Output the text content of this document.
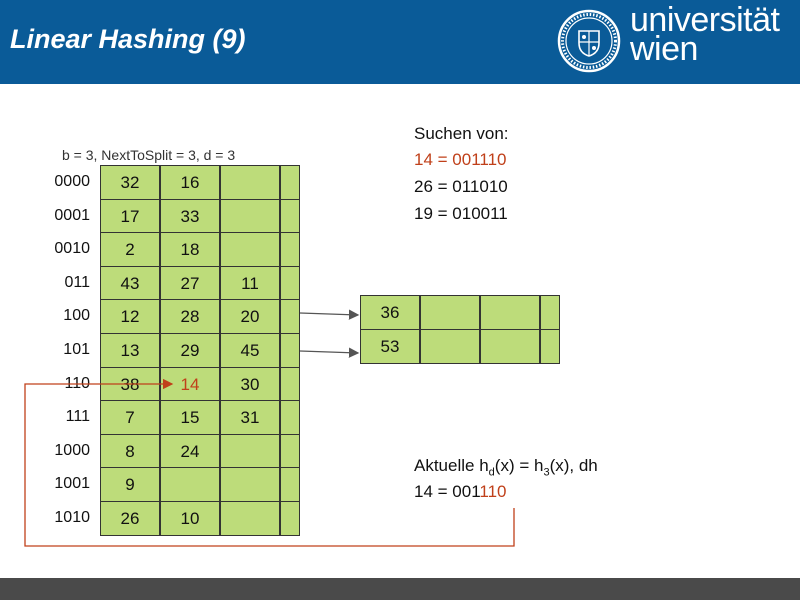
Linear Hashing (9)	universität
wien
b = 3, NextToSplit = 3, d = 3
0000	32	16
0001	17	33
0010	2	18
011	43	27	11
100	12	28	20	36
101	13	29	45	53
110	38	14	30
111	7	15	31
1000	8	24
1001	9
1010	26	10
Suchen von:
14 = 001110
26 = 011010
19 = 010011
Aktuelle $h_d(x) = h_3(x)$, dh
14 = 001110
